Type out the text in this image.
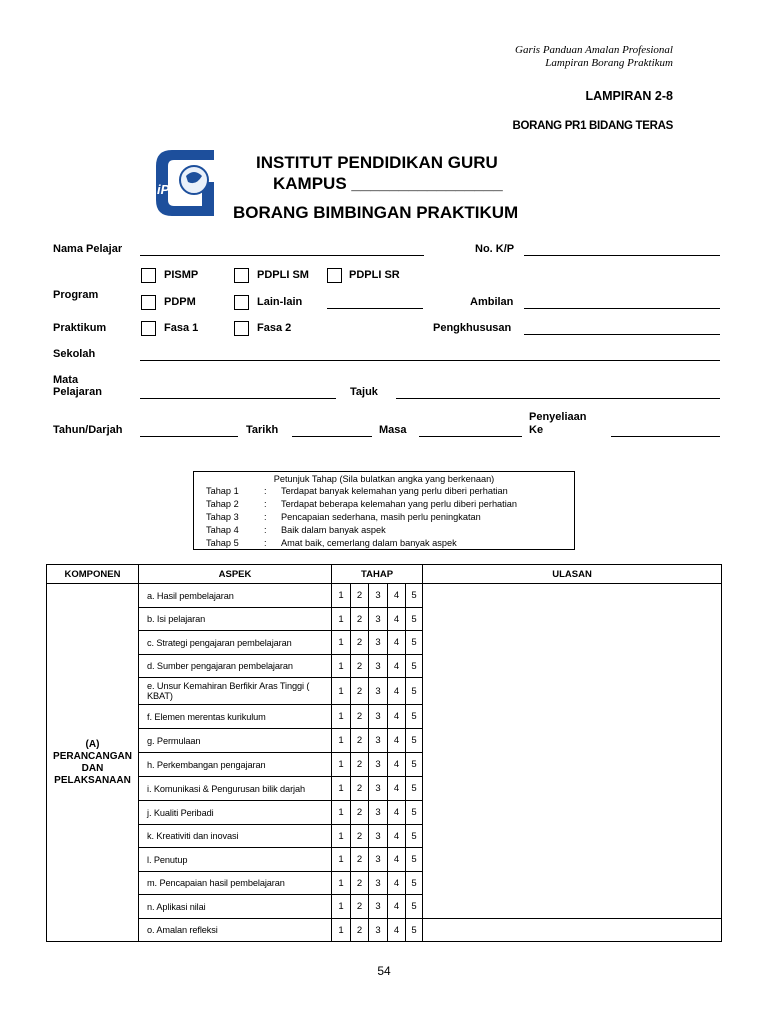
Garis Panduan Amalan Profesional
Lampiran Borang Praktikum
LAMPIRAN 2-8
BORANG PR1 BIDANG TERAS
iPG
INSTITUT PENDIDIKAN GURU
KAMPUS ________________
BORANG BIMBINGAN PRAKTIKUM
Nama Pelajar	No. K/P
PISMP	PDPLI SM	PDPLI SR
Program
PDPM	Lain-lain	Ambilan
Praktikum	Fasa 1	Fasa 2	Pengkhususan
Sekolah
Mata
Pelajaran	Tajuk
Tahun/Darjah	Tarikh	Masa
Penyeliaan
Ke
Petunjuk Tahap (Sila bulatkan angka yang berkenaan)
Tahap 1	: Terdapat banyak kelemahan yang perlu diberi perhatian
Tahap 2	: Terdapat beberapa kelemahan yang perlu diberi perhatian
Tahap 3	: Pencapaian sederhana, masih perlu peningkatan
Tahap 4	: Baik dalam banyak aspek
Tahap 5	: Amat baik, cemerlang dalam banyak aspek
KOMPONEN	ASPEK	TAHAP					ULASAN

(A)
PERANCANGAN
DAN
PELAKSANAAN	a. Hasil pembelajaran	1	2	3	4	5	
	b. Isi pelajaran	1	2	3	4	5	
	c. Strategi pengajaran pembelajaran	1	2	3	4	5	
	d. Sumber pengajaran pembelajaran	1	2	3	4	5	
	e. Unsur Kemahiran Berfikir Aras Tinggi ( KBAT)	1	2	3	4	5	
	f. Elemen merentas kurikulum	1	2	3	4	5	
	g. Permulaan	1	2	3	4	5	
	h. Perkembangan pengajaran	1	2	3	4	5	
	i. Komunikasi & Pengurusan bilik darjah	1	2	3	4	5	
	j. Kualiti Peribadi	1	2	3	4	5	
	k. Kreativiti dan inovasi	1	2	3	4	5	
	l. Penutup	1	2	3	4	5	
	m. Pencapaian hasil pembelajaran	1	2	3	4	5	
	n. Aplikasi nilai	1	2	3	4	5	
	o. Amalan refleksi	1	2	3	4	5	
54
